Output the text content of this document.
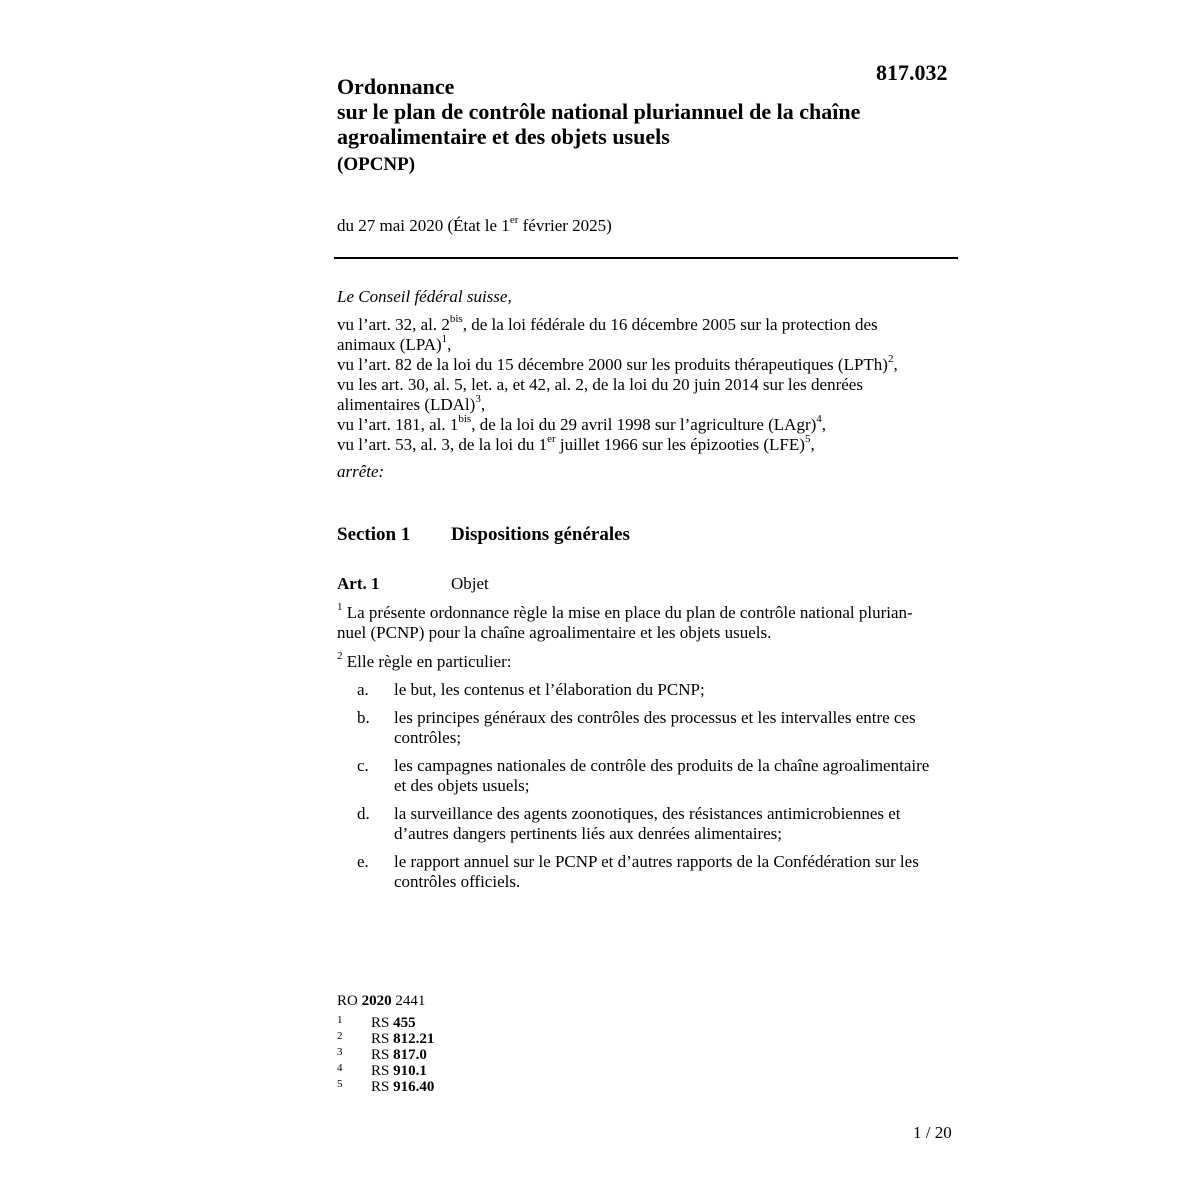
817.032
Ordonnance
sur le plan de contrôle national pluriannuel de la chaîne
agroalimentaire et des objets usuels
(OPCNP)
du 27 mai 2020 (État le 1er février 2025)
Le Conseil fédéral suisse,
vu l’art. 32, al. $2^{bis}$, de la loi fédérale du 16 décembre 2005 sur la protection des
animaux (LPA)$^1$,
vu l’art. 82 de la loi du 15 décembre 2000 sur les produits thérapeutiques (LPTh)$^2$,
vu les art. 30, al. 5, let. a, et 42, al. 2, de la loi du 20 juin 2014 sur les denrées
alimentaires (LDAl)$^3$,
vu l’art. 181, al. $1^{bis}$, de la loi du 29 avril 1998 sur l’agriculture (LAgr)$^4$,
vu l’art. 53, al. 3, de la loi du 1er juillet 1966 sur les épizooties (LFE)$^5$,
arrête:
Section 1 Dispositions générales
Art. 1	Objet
$^1$ La présente ordonnance règle la mise en place du plan de contrôle national plurian-
nuel (PCNP) pour la chaîne agroalimentaire et les objets usuels.
$^2$ Elle règle en particulier:
a. le but, les contenus et l’élaboration du PCNP;
b. les principes généraux des contrôles des processus et les intervalles entre ces
contrôles;
c. les campagnes nationales de contrôle des produits de la chaîne agroalimentaire
et des objets usuels;
d. la surveillance des agents zoonotiques, des résistances antimicrobiennes et
d’autres dangers pertinents liés aux denrées alimentaires;
e. le rapport annuel sur le PCNP et d’autres rapports de la Confédération sur les
contrôles officiels.
RO 2020 2441
1 RS 455
2 RS 812.21
3 RS 817.0
4 RS 910.1
5 RS 916.40
1 / 20
